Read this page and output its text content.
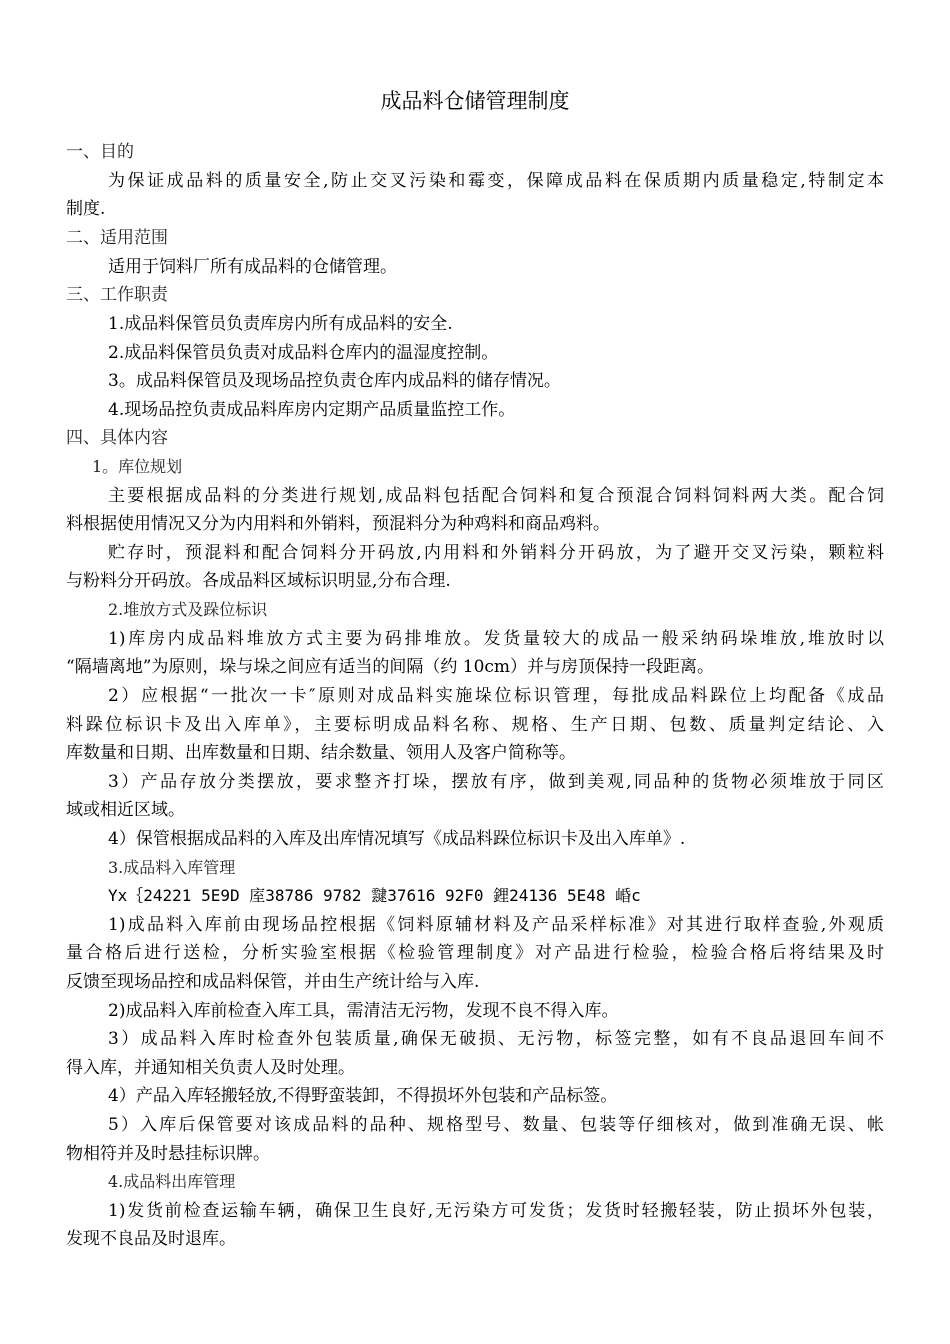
成品料仓储管理制度
一、目的
为保证成品料的质量安全,防止交叉污染和霉变，保障成品料在保质期内质量稳定,特制定本
制度.
二、适用范围
适用于饲料厂所有成品料的仓储管理。
三、工作职责
1.成品料保管员负责库房内所有成品料的安全.
2.成品料保管员负责对成品料仓库内的温湿度控制。
3。成品料保管员及现场品控负责仓库内成品料的储存情况。
4.现场品控负责成品料库房内定期产品质量监控工作。
四、具体内容
1。库位规划
主要根据成品料的分类进行规划,成品料包括配合饲料和复合预混合饲料饲料两大类。配合饲
料根据使用情况又分为内用料和外销料，预混料分为种鸡料和商品鸡料。
贮存时，预混料和配合饲料分开码放,内用料和外销料分开码放，为了避开交叉污染，颗粒料
与粉料分开码放。各成品料区域标识明显,分布合理.
2.堆放方式及跺位标识
1)库房内成品料堆放方式主要为码排堆放。发货量较大的成品一般采纳码垛堆放,堆放时以
“隔墙离地”为原则，垛与垛之间应有适当的间隔（约 10cm）并与房顶保持一段距离。
2）应根据“一批次一卡″原则对成品料实施垛位标识管理，每批成品料跺位上均配备《成品
料跺位标识卡及出入库单》，主要标明成品料名称、规格、生产日期、包数、质量判定结论、入
库数量和日期、出库数量和日期、结余数量、领用人及客户简称等。
3）产品存放分类摆放，要求整齐打垛，摆放有序，做到美观,同品种的货物必须堆放于同区
域或相近区域。
4）保管根据成品料的入库及出库情况填写《成品料跺位标识卡及出入库单》.
3.成品料入库管理
Yx｛24221 5E9D 庢38786 9782 靆37616 92F0 鋰24136 5E48 崏c
1)成品料入库前由现场品控根据《饲料原辅材料及产品采样标准》对其进行取样查验,外观质
量合格后进行送检，分析实验室根据《检验管理制度》对产品进行检验，检验合格后将结果及时
反馈至现场品控和成品料保管，并由生产统计给与入库.
2)成品料入库前检查入库工具，需清洁无污物，发现不良不得入库。
3）成品料入库时检查外包装质量,确保无破损、无污物，标签完整，如有不良品退回车间不
得入库，并通知相关负责人及时处理。
4）产品入库轻搬轻放,不得野蛮装卸，不得损坏外包装和产品标签。
5）入库后保管要对该成品料的品种、规格型号、数量、包装等仔细核对，做到准确无误、帐
物相符并及时悬挂标识牌。
4.成品料出库管理
1)发货前检查运输车辆，确保卫生良好,无污染方可发货；发货时轻搬轻装，防止损坏外包装，
发现不良品及时退库。
